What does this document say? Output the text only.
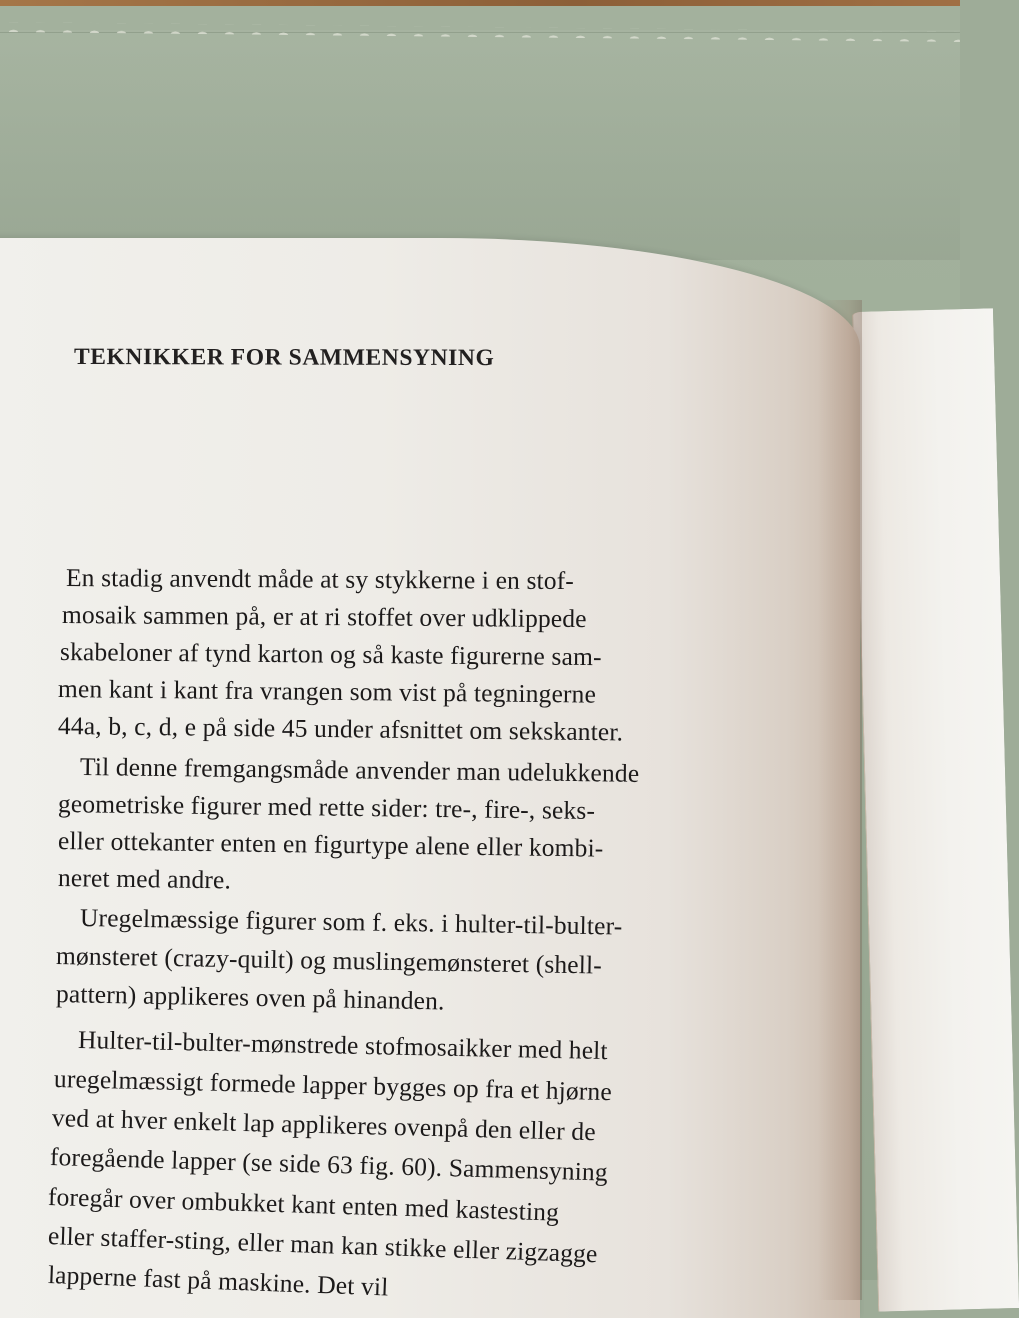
TEKNIKKER FOR SAMMENSYNING
En stadig anvendt måde at sy stykkerne i en stof-
mosaik sammen på, er at ri stoffet over udklippede
skabeloner af tynd karton og så kaste figurerne sam-
men kant i kant fra vrangen som vist på tegningerne
44a, b, c, d, e på side 45 under afsnittet om sekskanter.
Til denne fremgangsmåde anvender man udelukkende
geometriske figurer med rette sider: tre-, fire-, seks-
eller ottekanter enten en figurtype alene eller kombi-
neret med andre.
Uregelmæssige figurer som f. eks. i hulter-til-bulter-
mønsteret (crazy-quilt) og muslingemønsteret (shell-
pattern) applikeres oven på hinanden.
Hulter-til-bulter-mønstrede stofmosaikker med helt
uregelmæssigt formede lapper bygges op fra et hjørne
ved at hver enkelt lap applikeres ovenpå den eller de
foregående lapper (se side 63 fig. 60). Sammensyning
foregår over ombukket kant enten med kastesting
eller staffer-sting, eller man kan stikke eller zigzagge
lapperne fast på maskine. Det vil
